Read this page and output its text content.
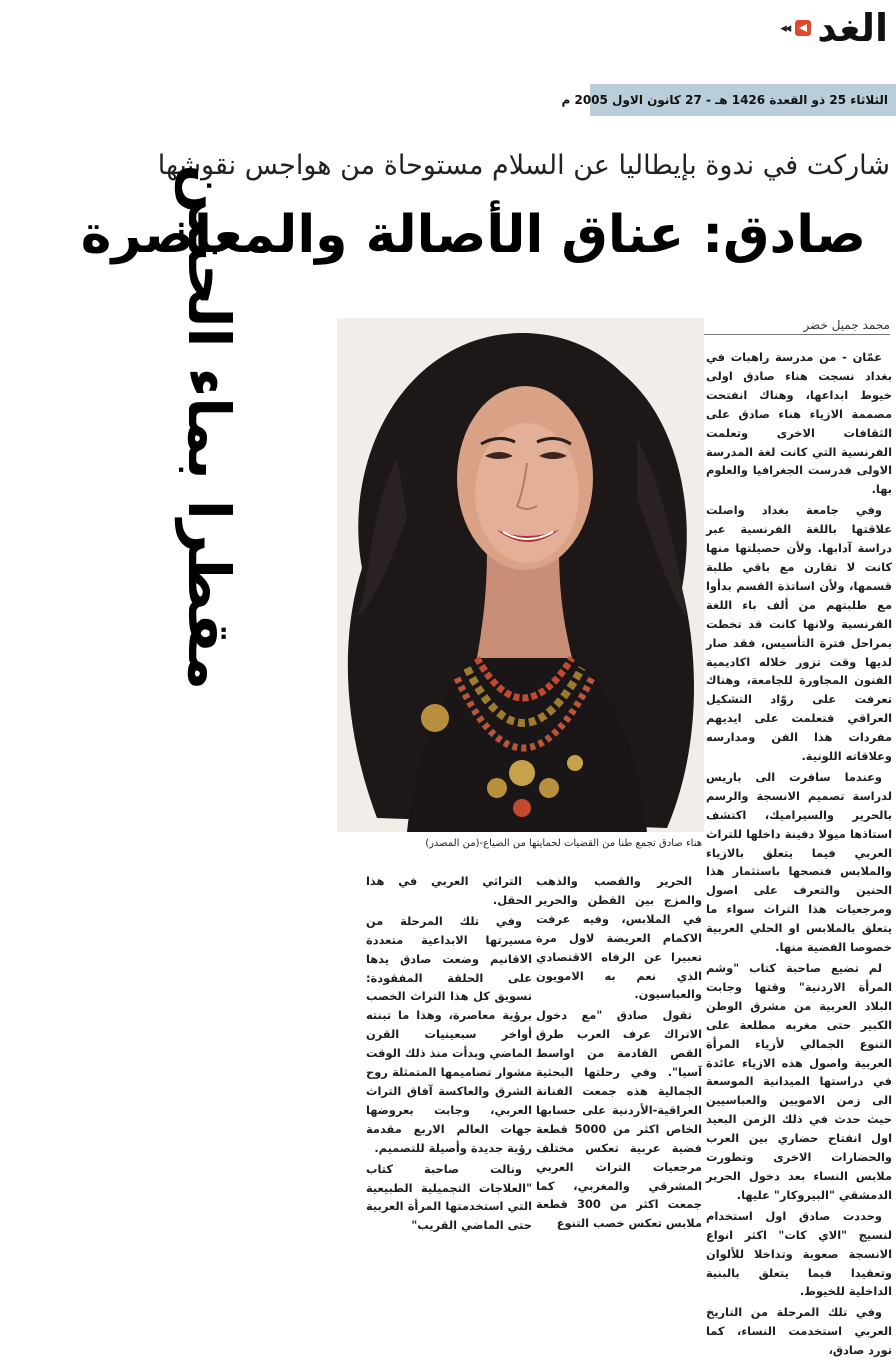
◂◂ الغد
الثلاثاء 25 ذو القعدة 1426 هـ - 27 كانون الاول 2005 م
شاركت في ندوة بإيطاليا عن السلام مستوحاة من هواجس نقوشها
صادق: عناق الأصالة والمعاصرة
محمد جميل خضر
مقطرا بماء الحنين
هناء صادق تجمع طنا من القضيات لحمايتها من الضياع-(من المصدر)

عمّان - من مدرسة راهبات في بغداد نسجت هناء صادق اولى خيوط ابداعها، وهناك انفتحت مصممة الازياء هناء صادق على الثقافات الاخرى وتعلمت الفرنسية التي كانت لغة المدرسة الاولى فدرست الجغرافيا والعلوم بها.

وفي جامعة بغداد واصلت علاقتها باللغة الفرنسية عبر دراسة آدابها. ولأن حصيلتها منها كانت لا تقارن مع باقي طلبة قسمها، ولأن اساتذة القسم بدأوا مع طلبتهم من ألف باء اللغة الفرنسية ولانها كانت قد تخطت بمراحل فترة التأسيس، فقد صار لديها وقت تزور خلاله اكاديمية الفنون المجاورة للجامعة، وهناك تعرفت على روّاد التشكيل العراقي فتعلمت على ايديهم مفردات هذا الفن ومدارسه وعلاقاته اللونية.

وعندما سافرت الى باريس لدراسة تصميم الانسجة والرسم بالحرير والسيراميك، اكتشف استاذها ميولا دفينة داخلها للتراث العربي فيما يتعلق بالازياء والملابس فنصحها باستثمار هذا الحنين والتعرف على اصول ومرجعيات هذا التراث سواء ما يتعلق بالملابس او الحلي العربية خصوصا الفضية منها.

لم تضيع صاحبة كتاب "وشم المرأة الاردنية" وقتها وجابت البلاد العربية من مشرق الوطن الكبير حتى مغربه مطلعة على التنوع الجمالي لأزياء المرأة العربية واصول هذه الازياء عائدة في دراستها الميدانية الموسعة الى زمن الامويين والعباسيين حيث حدث في ذلك الزمن البعيد اول انفتاح حضاري بين العرب والحضارات الاخرى وتطورت ملابس النساء بعد دخول الحرير الدمشقي "البيروكار" عليها.

وحددت صادق اول استخدام لنسيج "الاي كات" اكثر انواع الانسجة صعوبة وتداخلا للألوان وتعقيدا فيما يتعلق بالبنية الداخلية للخيوط.

وفي تلك المرحلة من التاريخ العربي استخدمت النساء، كما تورد صادق،

الحرير والقصب والذهب والمزج بين القطن والحرير في الملابس، وفيه عرفت الاكمام العريضة لاول مرة تعبيرا عن الرفاه الاقتصادي الذي نعم به الامويون والعباسيون.

تقول صادق "مع دخول الاتراك عرف العرب طرق القص القادمة من اواسط آسيا". وفي رحلتها البحثية الجمالية هذه جمعت الفنانة العراقية-الأردنية على حسابها الخاص اكثر من 5000 قطعة فضية عربية تعكس مختلف مرجعيات التراث العربي المشرقي والمغربي، كما جمعت اكثر من 300 قطعة ملابس تعكس خصب التنوع

التراثي العربي في هذا الحقل.

وفي تلك المرحلة من مسيرتها الابداعية متعددة الاقانيم وضعت صادق يدها على الحلقة المفقودة: تسويق كل هذا التراث الخصب برؤية معاصرة، وهذا ما تبنته أواخر سبعينيات القرن الماضي وبدأت منذ ذلك الوقت مشوار تصاميمها المتمثلة روح الشرق والعاكسة آفاق التراث العربي، وجابت بعروضها جهات العالم الاربع مقدمة رؤية جديدة وأصيلة للتصميم.

ونالت صاحبة كتاب "العلاجات التجميلية الطبيعية التي استخدمتها المرأة العربية حتى الماضي القريب"
